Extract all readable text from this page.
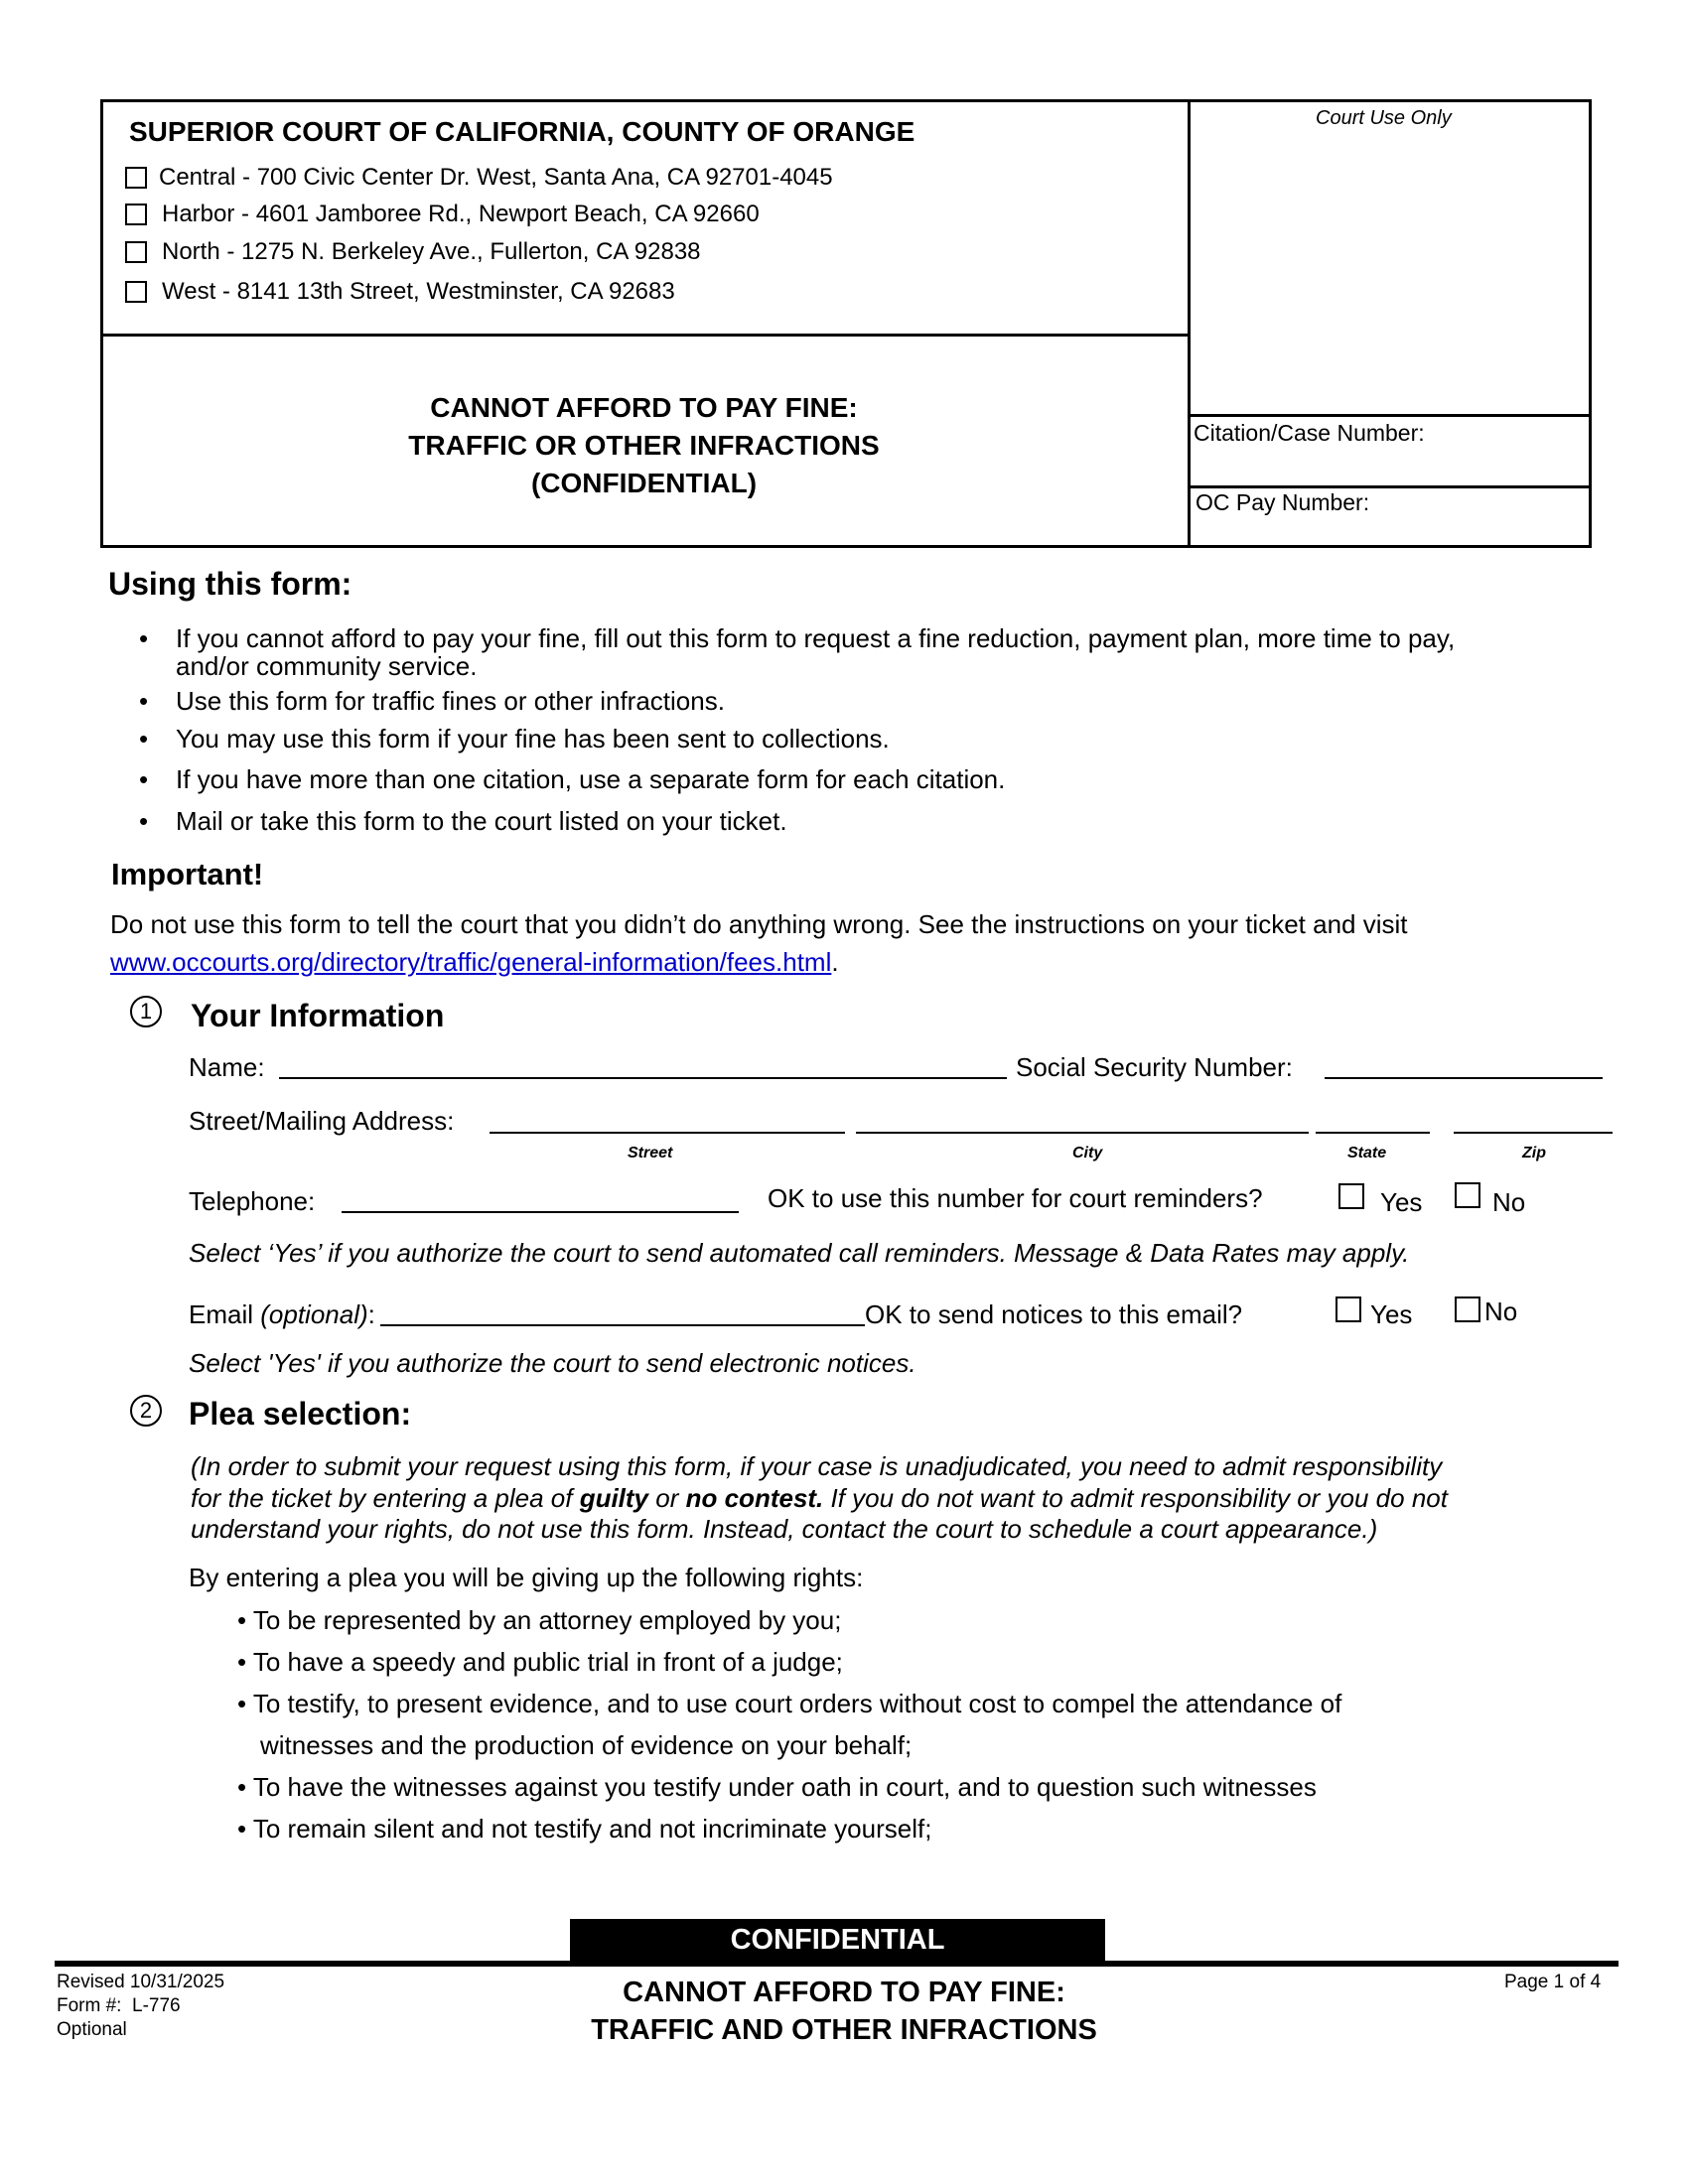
SUPERIOR COURT OF CALIFORNIA, COUNTY OF ORANGE
Central - 700 Civic Center Dr. West, Santa Ana, CA 92701-4045
Harbor - 4601 Jamboree Rd., Newport Beach, CA 92660
North - 1275 N. Berkeley Ave., Fullerton, CA 92838
West - 8141 13th Street, Westminster, CA 92683
Court Use Only
CANNOT AFFORD TO PAY FINE:
TRAFFIC OR OTHER INFRACTIONS
(CONFIDENTIAL)
Citation/Case Number:
OC Pay Number:
Using this form:
• If you cannot afford to pay your fine, fill out this form to request a fine reduction, payment plan, more time to pay,
and/or community service.
• Use this form for traffic fines or other infractions.
• You may use this form if your fine has been sent to collections.
• If you have more than one citation, use a separate form for each citation.
• Mail or take this form to the court listed on your ticket.
Important!
Do not use this form to tell the court that you didn’t do anything wrong. See the instructions on your ticket and visit
www.occourts.org/directory/traffic/general-information/fees.html.
1	Your Information
Name:	Social Security Number:
Street/Mailing Address:
Street	City	State	Zip
Telephone:	OK to use this number for court reminders?	Yes	No
Select ‘Yes’ if you authorize the court to send automated call reminders. Message & Data Rates may apply.
Email (optional):	OK to send notices to this email?	Yes	No
Select 'Yes' if you authorize the court to send electronic notices.
2	Plea selection:
(In order to submit your request using this form, if your case is unadjudicated, you need to admit responsibility
for the ticket by entering a plea of guilty or no contest. If you do not want to admit responsibility or you do not
understand your rights, do not use this form. Instead, contact the court to schedule a court appearance.)
By entering a plea you will be giving up the following rights:
• To be represented by an attorney employed by you;
• To have a speedy and public trial in front of a judge;
• To testify, to present evidence, and to use court orders without cost to compel the attendance of
witnesses and the production of evidence on your behalf;
• To have the witnesses against you testify under oath in court, and to question such witnesses
• To remain silent and not testify and not incriminate yourself;
CONFIDENTIAL
Revised 10/31/2025
Form #:  L-776
Optional
CANNOT AFFORD TO PAY FINE:
TRAFFIC AND OTHER INFRACTIONS
Page 1 of 4
